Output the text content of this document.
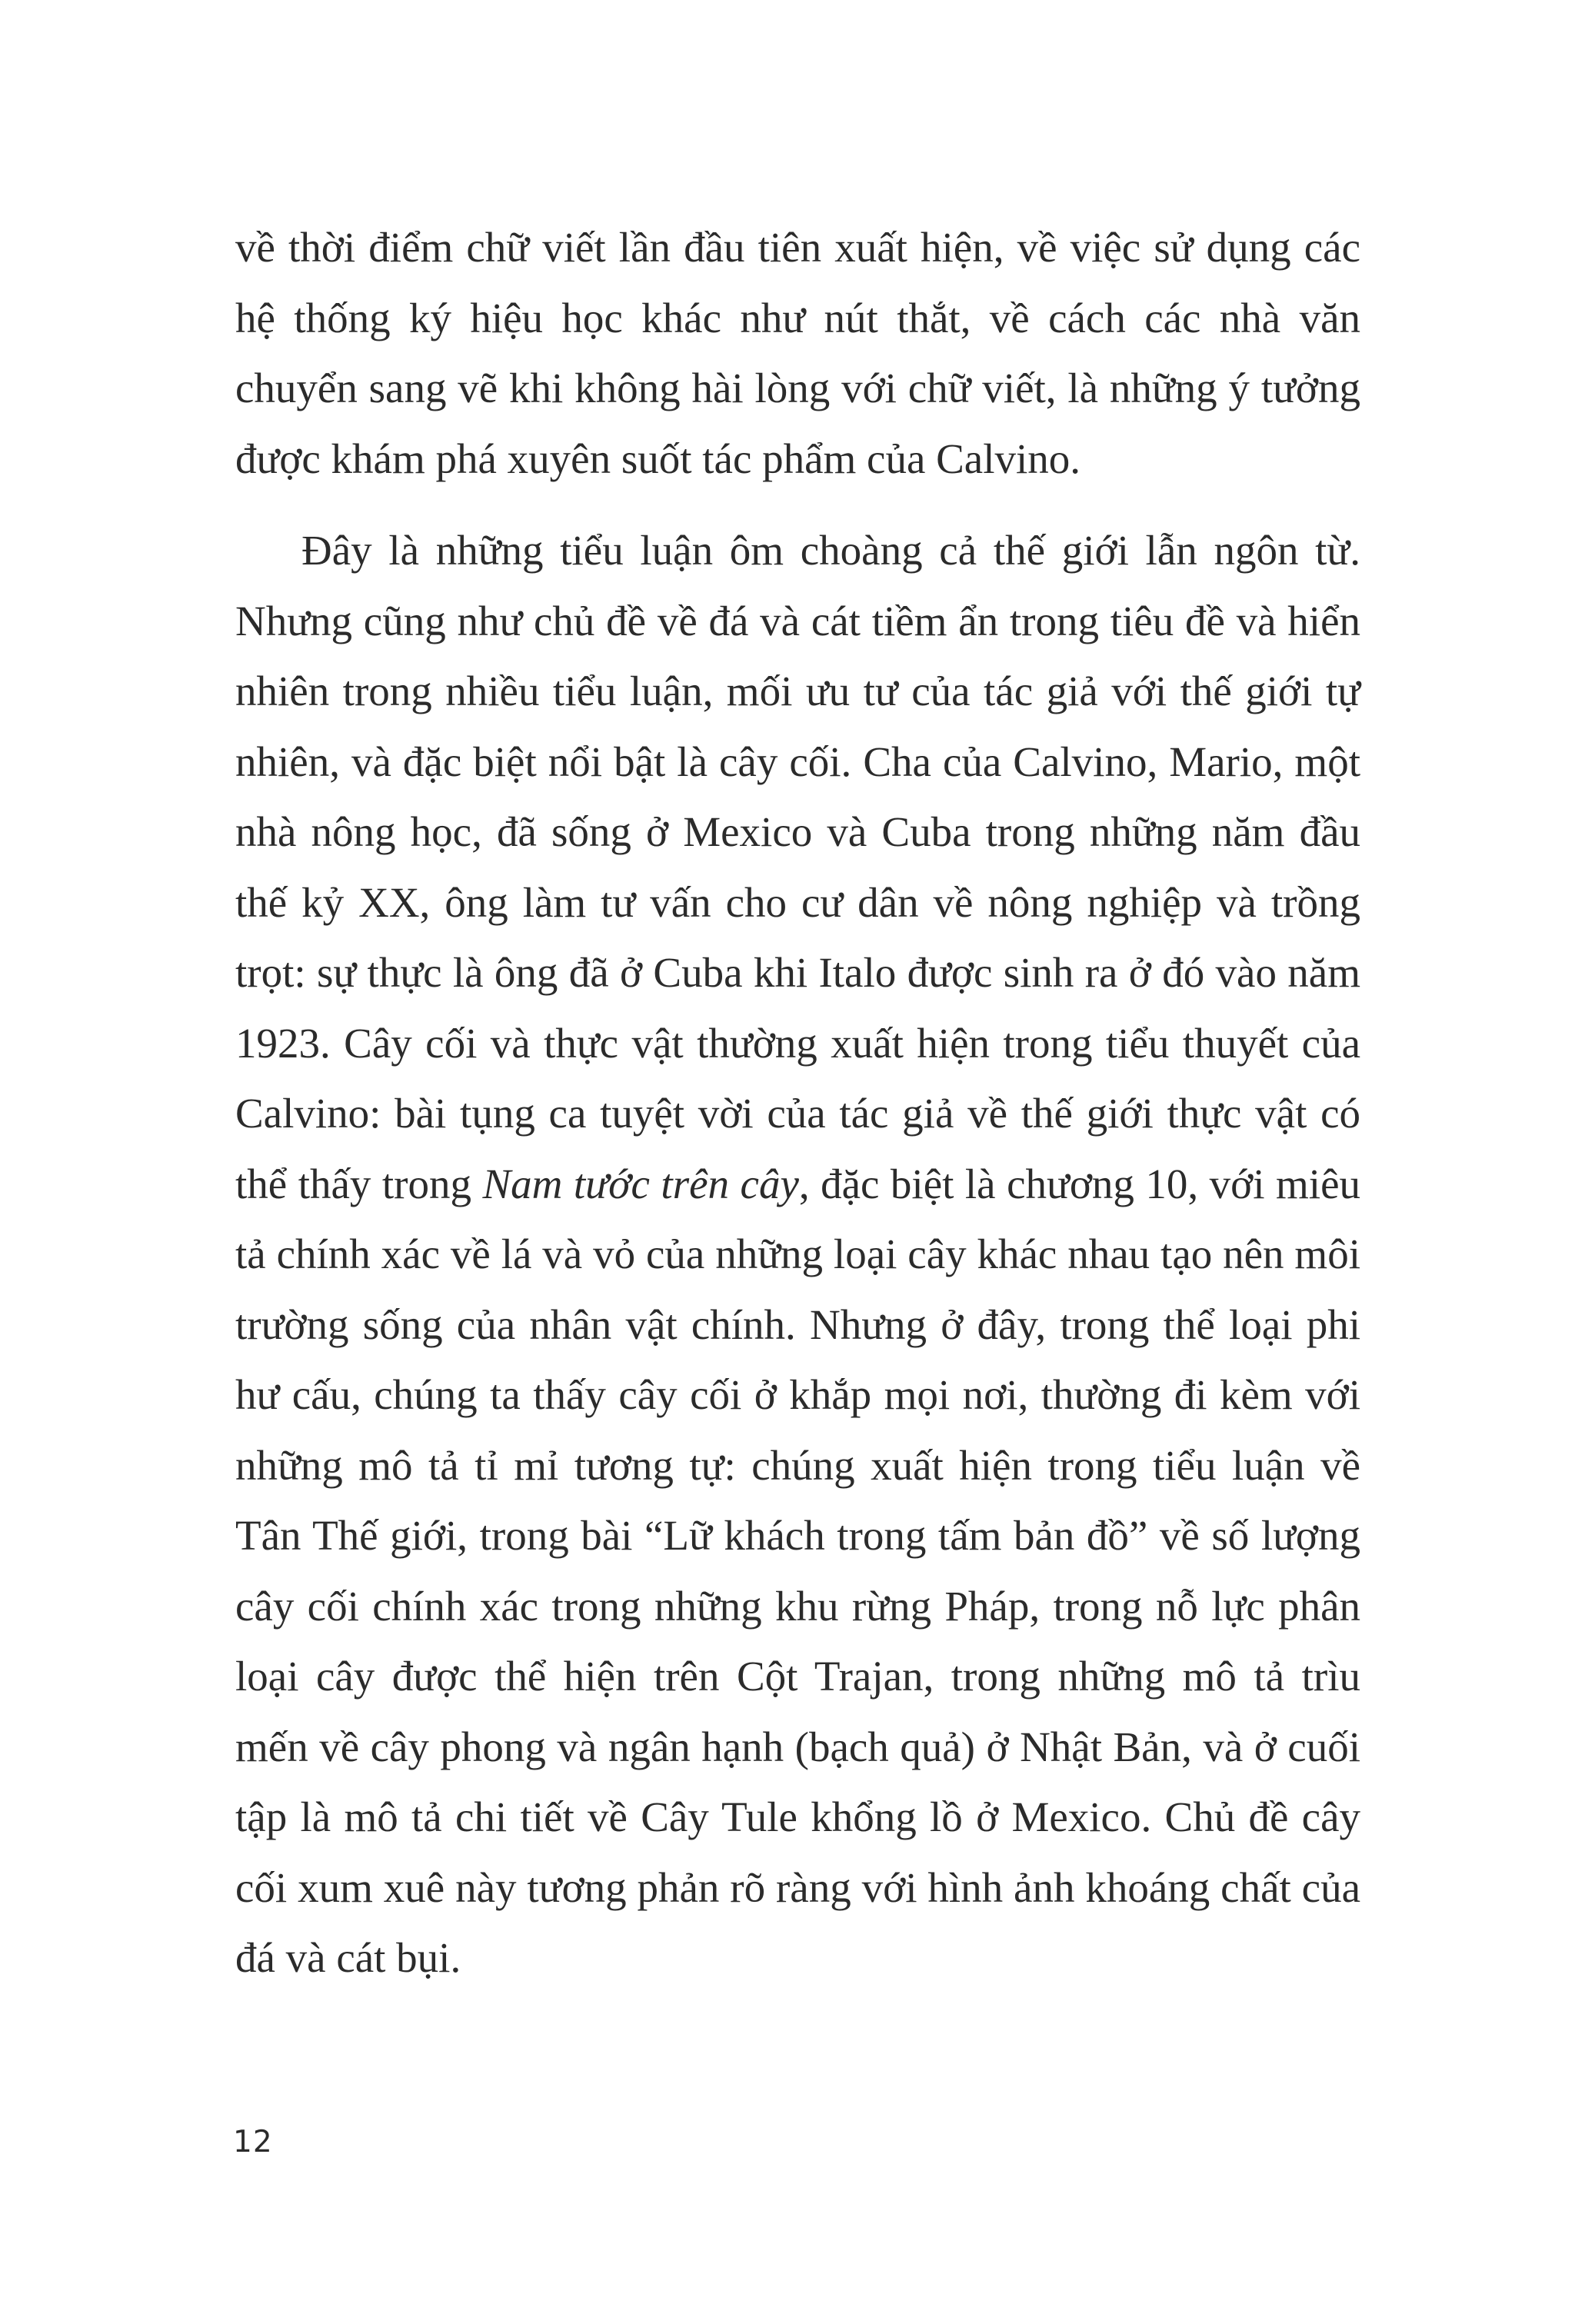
về thời điểm chữ viết lần đầu tiên xuất hiện, về việc sử dụng các hệ thống ký hiệu học khác như nút thắt, về cách các nhà văn chuyển sang vẽ khi không hài lòng với chữ viết, là những ý tưởng được khám phá xuyên suốt tác phẩm của Calvino.

Đây là những tiểu luận ôm choàng cả thế giới lẫn ngôn từ. Nhưng cũng như chủ đề về đá và cát tiềm ẩn trong tiêu đề và hiển nhiên trong nhiều tiểu luận, mối ưu tư của tác giả với thế giới tự nhiên, và đặc biệt nổi bật là cây cối. Cha của Calvino, Mario, một nhà nông học, đã sống ở Mexico và Cuba trong những năm đầu thế kỷ XX, ông làm tư vấn cho cư dân về nông nghiệp và trồng trọt: sự thực là ông đã ở Cuba khi Italo được sinh ra ở đó vào năm 1923. Cây cối và thực vật thường xuất hiện trong tiểu thuyết của Calvino: bài tụng ca tuyệt vời của tác giả về thế giới thực vật có thể thấy trong Nam tước trên cây, đặc biệt là chương 10, với miêu tả chính xác về lá và vỏ của những loại cây khác nhau tạo nên môi trường sống của nhân vật chính. Nhưng ở đây, trong thể loại phi hư cấu, chúng ta thấy cây cối ở khắp mọi nơi, thường đi kèm với những mô tả tỉ mỉ tương tự: chúng xuất hiện trong tiểu luận về Tân Thế giới, trong bài “Lữ khách trong tấm bản đồ” về số lượng cây cối chính xác trong những khu rừng Pháp, trong nỗ lực phân loại cây được thể hiện trên Cột Trajan, trong những mô tả trìu mến về cây phong và ngân hạnh (bạch quả) ở Nhật Bản, và ở cuối tập là mô tả chi tiết về Cây Tule khổng lồ ở Mexico. Chủ đề cây cối xum xuê này tương phản rõ ràng với hình ảnh khoáng chất của đá và cát bụi.

12
